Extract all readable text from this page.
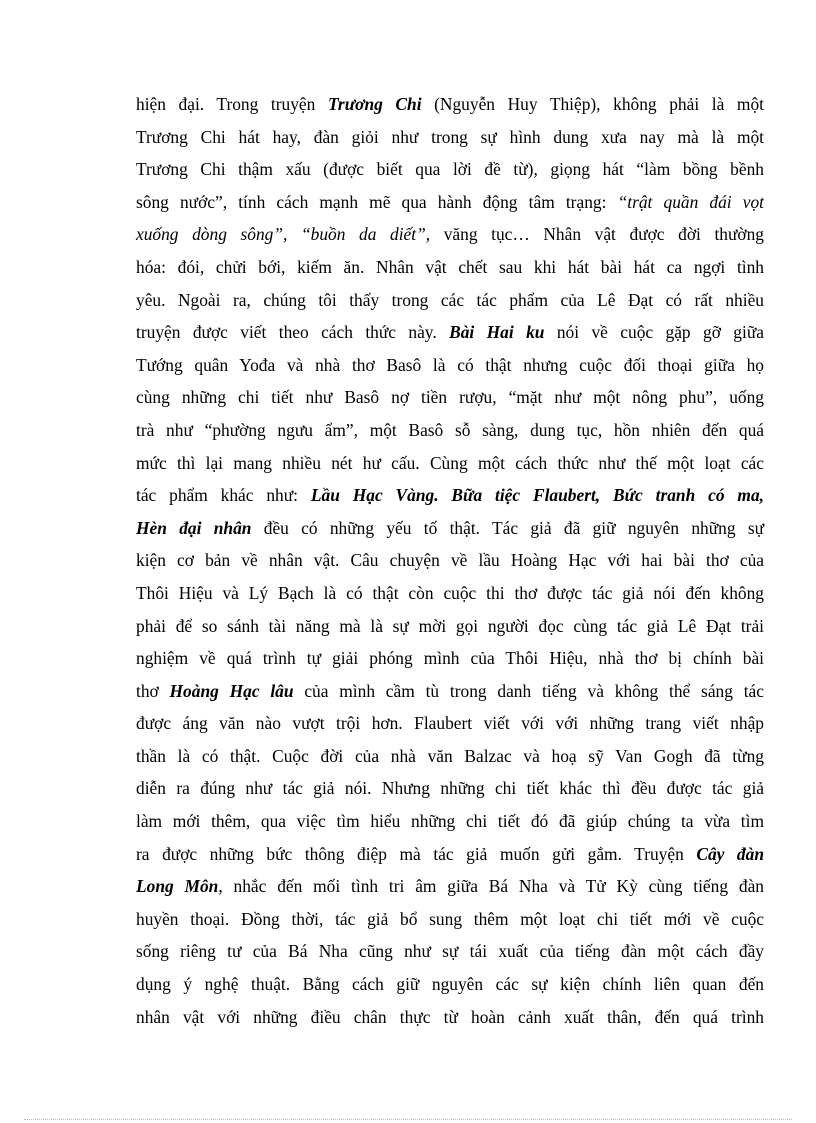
hiện đại. Trong truyện Trương Chi (Nguyễn Huy Thiệp), không phải là một
Trương Chi hát hay, đàn giỏi như trong sự hình dung xưa nay mà là một
Trương Chi thậm xấu (được biết qua lời đề từ), giọng hát “làm bồng bềnh
sông nước”, tính cách mạnh mẽ qua hành động tâm trạng: “trật quần đái vọt
xuống dòng sông”, “buồn da diết”, văng tục… Nhân vật được đời thường
hóa: đói, chửi bới, kiếm ăn. Nhân vật chết sau khi hát bài hát ca ngợi tình
yêu. Ngoài ra, chúng tôi thấy trong các tác phẩm của Lê Đạt có rất nhiều
truyện được viết theo cách thức này. Bài Hai ku nói về cuộc gặp gỡ giữa
Tướng quân Yođa và nhà thơ Basô là có thật nhưng cuộc đối thoại giữa họ
cùng những chi tiết như Basô nợ tiền rượu, “mặt như một nông phu”, uống
trà như “phường ngưu ẩm”, một Basô sỗ sàng, dung tục, hồn nhiên đến quá
mức thì lại mang nhiều nét hư cấu. Cùng một cách thức như thế một loạt các
tác phẩm khác như: Lầu Hạc Vàng. Bữa tiệc Flaubert, Bức tranh có ma,
Hèn đại nhân đều có những yếu tố thật. Tác giả đã giữ nguyên những sự
kiện cơ bản về nhân vật. Câu chuyện về lầu Hoàng Hạc với hai bài thơ của
Thôi Hiệu và Lý Bạch là có thật còn cuộc thi thơ được tác giả nói đến không
phải để so sánh tài năng mà là sự mời gọi người đọc cùng tác giả Lê Đạt trải
nghiệm về quá trình tự giải phóng mình của Thôi Hiệu, nhà thơ bị chính bài
thơ Hoàng Hạc lâu của mình cầm tù trong danh tiếng và không thể sáng tác
được áng văn nào vượt trội hơn. Flaubert viết với với những trang viết nhập
thần là có thật. Cuộc đời của nhà văn Balzac và hoạ sỹ Van Gogh đã từng
diễn ra đúng như tác giả nói. Nhưng những chi tiết khác thì đều được tác giả
làm mới thêm, qua việc tìm hiểu những chi tiết đó đã giúp chúng ta vừa tìm
ra được những bức thông điệp mà tác giả muốn gửi gắm. Truyện Cây đàn
Long Môn, nhắc đến mối tình tri âm giữa Bá Nha và Tử Kỳ cùng tiếng đàn
huyền thoại. Đồng thời, tác giả bổ sung thêm một loạt chi tiết mới về cuộc
sống riêng tư của Bá Nha cũng như sự tái xuất của tiếng đàn một cách đầy
dụng ý nghệ thuật. Bằng cách giữ nguyên các sự kiện chính liên quan đến
nhân vật với những điều chân thực từ hoàn cảnh xuất thân, đến quá trình
